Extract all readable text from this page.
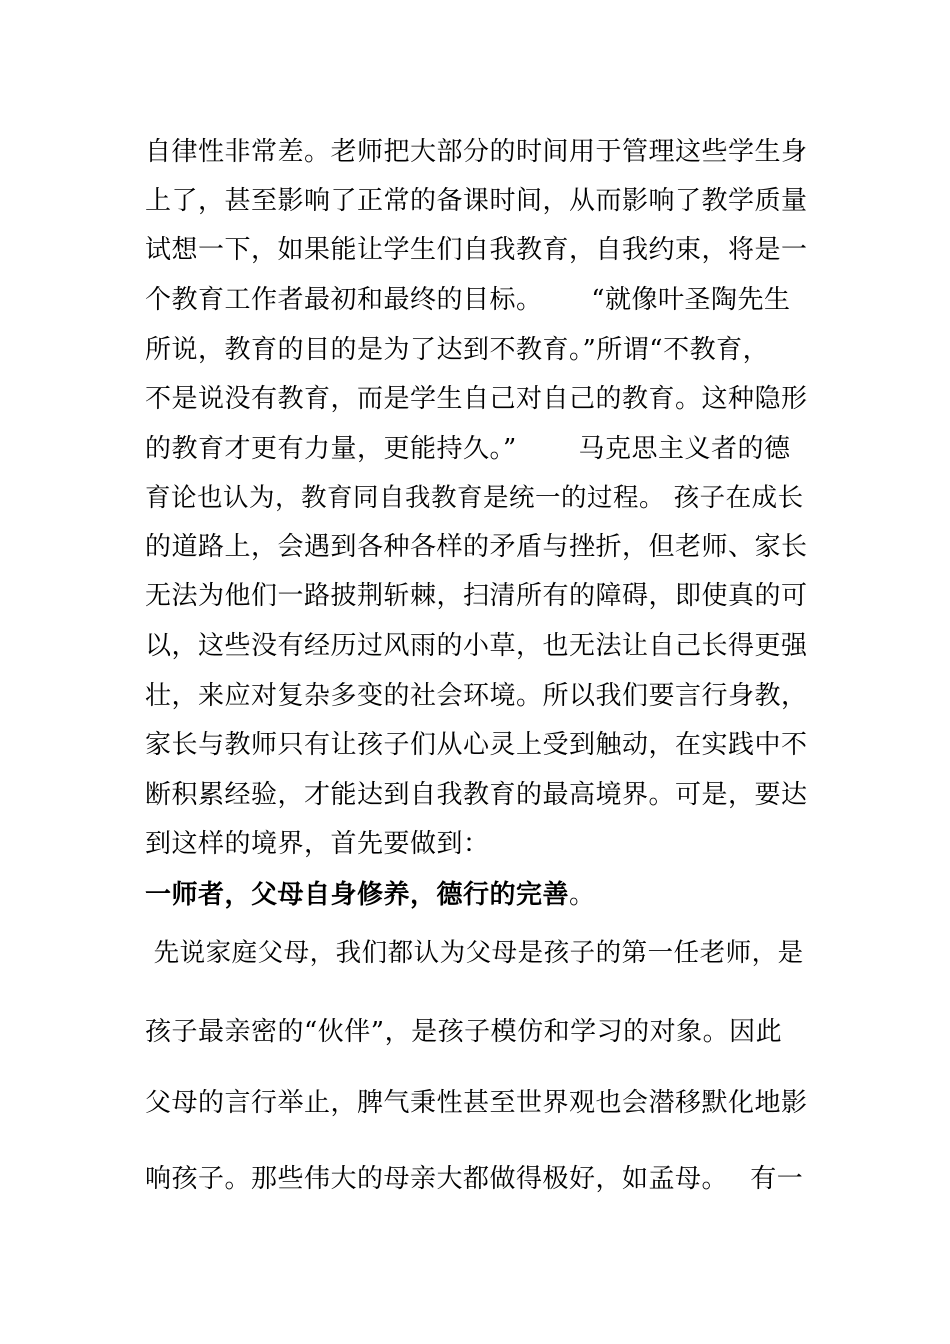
自律性非常差。老师把大部分的时间用于管理这些学生身
上了，甚至影响了正常的备课时间，从而影响了教学质量
试想一下，如果能让学生们自我教育，自我约束，将是一
个教育工作者最初和最终的目标。　　 “就像叶圣陶先生
所说，教育的目的是为了达到不教育。”所谓“不教育，
不是说没有教育，而是学生自己对自己的教育。这种隐形
的教育才更有力量，更能持久。”　　 马克思主义者的德
育论也认为，教育同自我教育是统一的过程。 孩子在成长
的道路上，会遇到各种各样的矛盾与挫折，但老师、家长
无法为他们一路披荆斩棘，扫清所有的障碍，即使真的可
以，这些没有经历过风雨的小草，也无法让自己长得更强
壮，来应对复杂多变的社会环境。所以我们要言行身教，
家长与教师只有让孩子们从心灵上受到触动，在实践中不
断积累经验，才能达到自我教育的最高境界。可是，要达
到这样的境界，首先要做到：
一师者，父母自身修养，德行的完善。
先说家庭父母，我们都认为父母是孩子的第一任老师，是
孩子最亲密的“伙伴”，是孩子模仿和学习的对象。因此
父母的言行举止，脾气秉性甚至世界观也会潜移默化地影
响孩子。那些伟大的母亲大都做得极好，如孟母。　 有一
